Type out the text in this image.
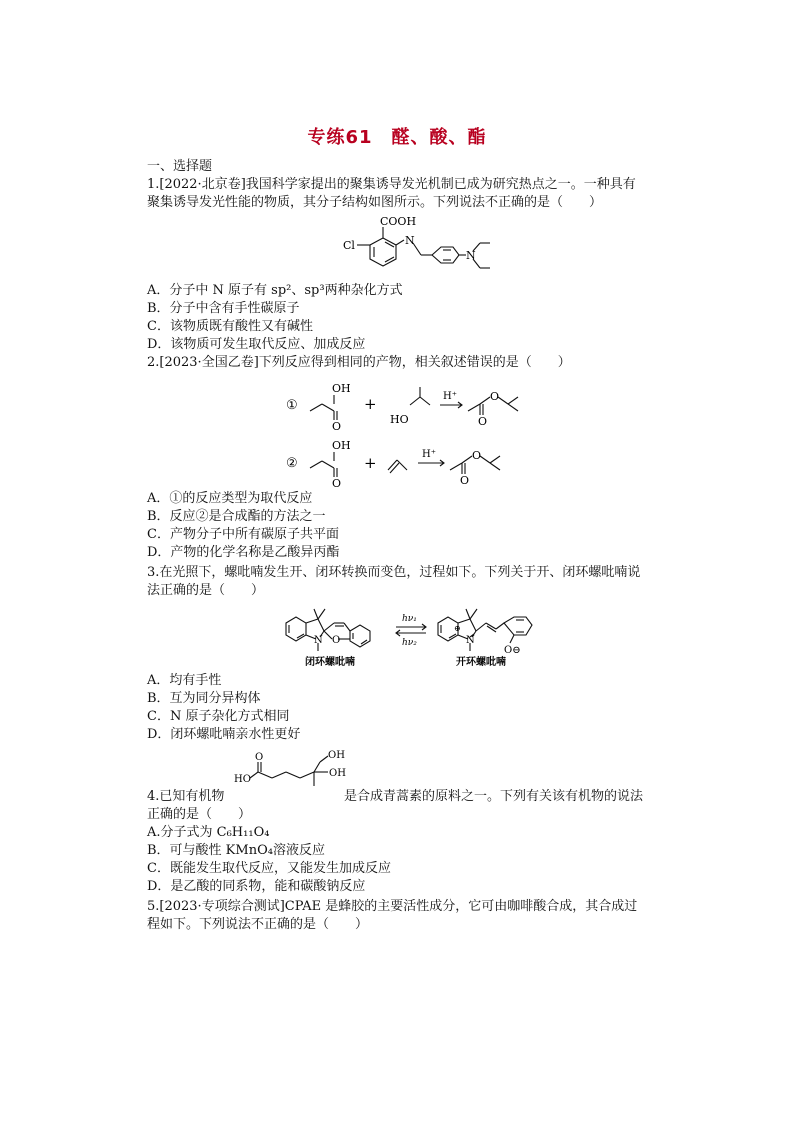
专练61　醛、酸、酯
一、选择题
1.[2022·北京卷]我国科学家提出的聚集诱导发光机制已成为研究热点之一。一种具有
聚集诱导发光性能的物质，其分子结构如图所示。下列说法不正确的是（　　）
COOH
Cl	N
N
A．分子中 N 原子有 sp²、sp³两种杂化方式
B．分子中含有手性碳原子
C．该物质既有酸性又有碱性
D．该物质可发生取代反应、加成反应
2.[2023·全国乙卷]下列反应得到相同的产物，相关叙述错误的是（　　）
①
OH
O
+
HO
H⁺	O
O
②
OH
O
+	H⁺	O
O
A．①的反应类型为取代反应
B．反应②是合成酯的方法之一
C．产物分子中所有碳原子共平面
D．产物的化学名称是乙酸异丙酯
3.在光照下，螺吡喃发生开、闭环转换而变色，过程如下。下列关于开、闭环螺吡喃说
法正确的是（　　）
N O
闭环螺吡喃
hν₁
hν₂	N
⊕
O⊖
开环螺吡喃
A．均有手性
B．互为同分异构体
C．N 原子杂化方式相同
D．闭环螺吡喃亲水性更好
HO
O	OH
OH
4.已知有机物	是合成青蒿素的原料之一。下列有关该有机物的说法
正确的是（　　）
A.分子式为 C₆H₁₁O₄
B．可与酸性 KMnO₄溶液反应
C．既能发生取代反应，又能发生加成反应
D．是乙酸的同系物，能和碳酸钠反应
5.[2023·专项综合测试]CPAE 是蜂胶的主要活性成分，它可由咖啡酸合成，其合成过
程如下。下列说法不正确的是（　　）
